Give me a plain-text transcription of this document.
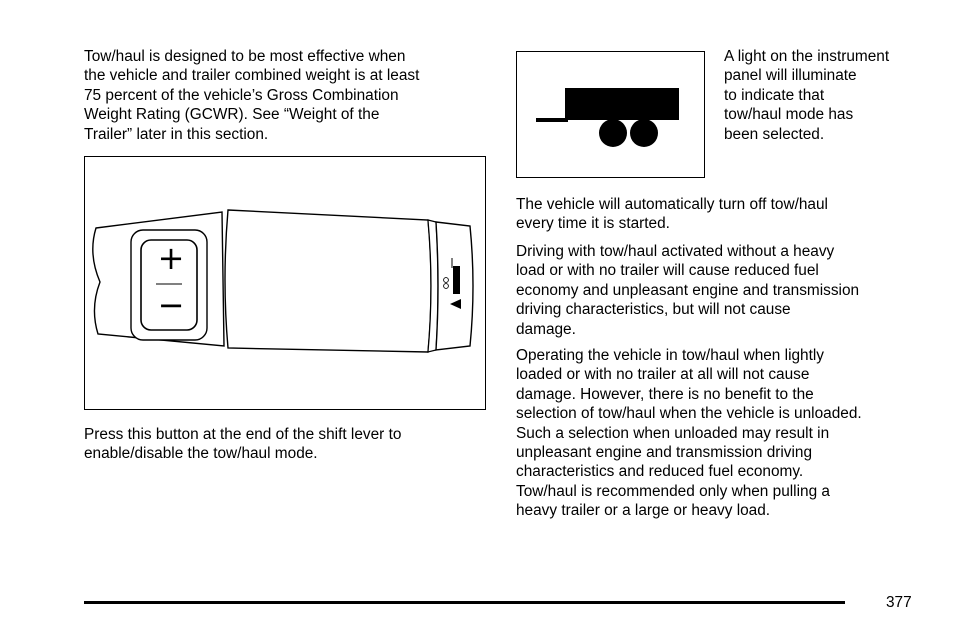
Tow/haul is designed to be most effective when
the vehicle and trailer combined weight is at least
75 percent of the vehicle’s Gross Combination
Weight Rating (GCWR). See “Weight of the
Trailer” later in this section.
+
−
Press this button at the end of the shift lever to
enable/disable the tow/haul mode.
A light on the instrument
panel will illuminate
to indicate that
tow/haul mode has
been selected.
The vehicle will automatically turn off tow/haul
every time it is started.
Driving with tow/haul activated without a heavy
load or with no trailer will cause reduced fuel
economy and unpleasant engine and transmission
driving characteristics, but will not cause
damage.
Operating the vehicle in tow/haul when lightly
loaded or with no trailer at all will not cause
damage. However, there is no benefit to the
selection of tow/haul when the vehicle is unloaded.
Such a selection when unloaded may result in
unpleasant engine and transmission driving
characteristics and reduced fuel economy.
Tow/haul is recommended only when pulling a
heavy trailer or a large or heavy load.
377
